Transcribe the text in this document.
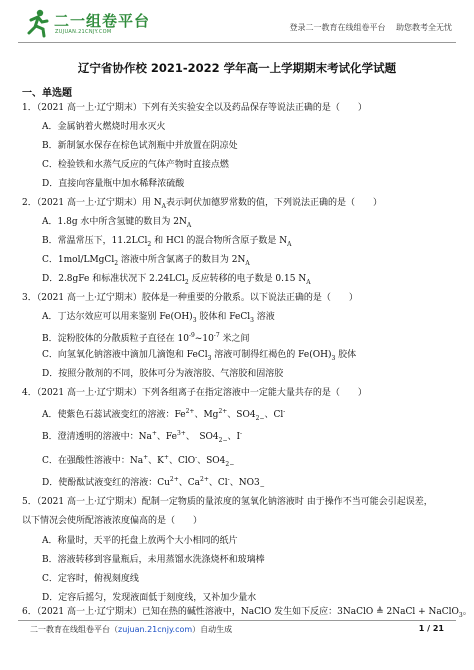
二一组卷平台
ZUJUAN.21CNJY.COM	登录二一教育在线组卷平台 助您教考全无忧
辽宁省协作校 2021-2022 学年高一上学期期末考试化学试题
一、单选题
1．（2021 高一上·辽宁期末）下列有关实验安全以及药品保存等说法正确的是（　　）
A．金属钠着火燃烧时用水灭火
B．新制氯水保存在棕色试剂瓶中并放置在阴凉处
C．检验铁和水蒸气反应的气体产物时直接点燃
D．直接向容量瓶中加水稀释浓硫酸
2．（2021 高一上·辽宁期末）用 $N_A$表示阿伏加德罗常数的值，下列说法正确的是（　　）
A．1.8g 水中所含氢键的数目为 $2N_A$
B．常温常压下，11.2LCl$_2$ 和 HCl 的混合物所含原子数是 $N_A$
C．1mol/LMgCl$_2$ 溶液中所含氯离子的数目为 $2N_A$
D．2.8gFe 和标准状况下 2.24LCl$_2$ 反应转移的电子数是 0.15 $N_A$
3．（2021 高一上·辽宁期末）胶体是一种重要的分散系。以下说法正确的是（　　）
A．丁达尔效应可以用来鉴别 $Fe(OH)_3$ 胶体和 FeCl$_3$ 溶液
B．淀粉胶体的分散质粒子直径在 $10^{-9}\sim 10^{-7}$ 米之间
C．向氢氧化钠溶液中滴加几滴饱和 FeCl$_3$ 溶液可制得红褐色的 $Fe(OH)_3$ 胶体
D．按照分散剂的不同，胶体可分为液溶胶、气溶胶和固溶胶
4．（2021 高一上·辽宁期末）下列各组离子在指定溶液中一定能大量共存的是（　　）
A．使紫色石蕊试液变红的溶液：$Fe^{2+}$、$Mg^{2+}$、$SO4_{2-}$、Cl-
B．澄清透明的溶液中：Na+、$Fe^{3+}$、　$SO4_{2-}$、I-
C．在强酸性溶液中：Na+、K+、ClO-、$SO4_{2-}$
D．使酚酞试液变红的溶液：$Cu^{2+}$、$Ca^{2+}$、Cl-、$NO3_-$
5．（2021 高一上·辽宁期末）配制一定物质的量浓度的氢氧化钠溶液时 由于操作不当可能会引起误差，
以下情况会使所配溶液浓度偏高的是（　　）
A．称量时，天平的托盘上放两个大小相同的纸片
B．溶液转移到容量瓶后，未用蒸馏水洗涤烧杯和玻璃棒
C．定容时，俯视刻度线
D．定容后摇匀，发现液面低于刻度线，又补加少量水
6．（2021 高一上·辽宁期末）已知在热的碱性溶液中，NaClO 发生如下反应：3NaClO ≜ 2NaCl + NaClO$_3$。
二一教育在线组卷平台（zujuan.21cnjy.com）自动生成	1 / 21
